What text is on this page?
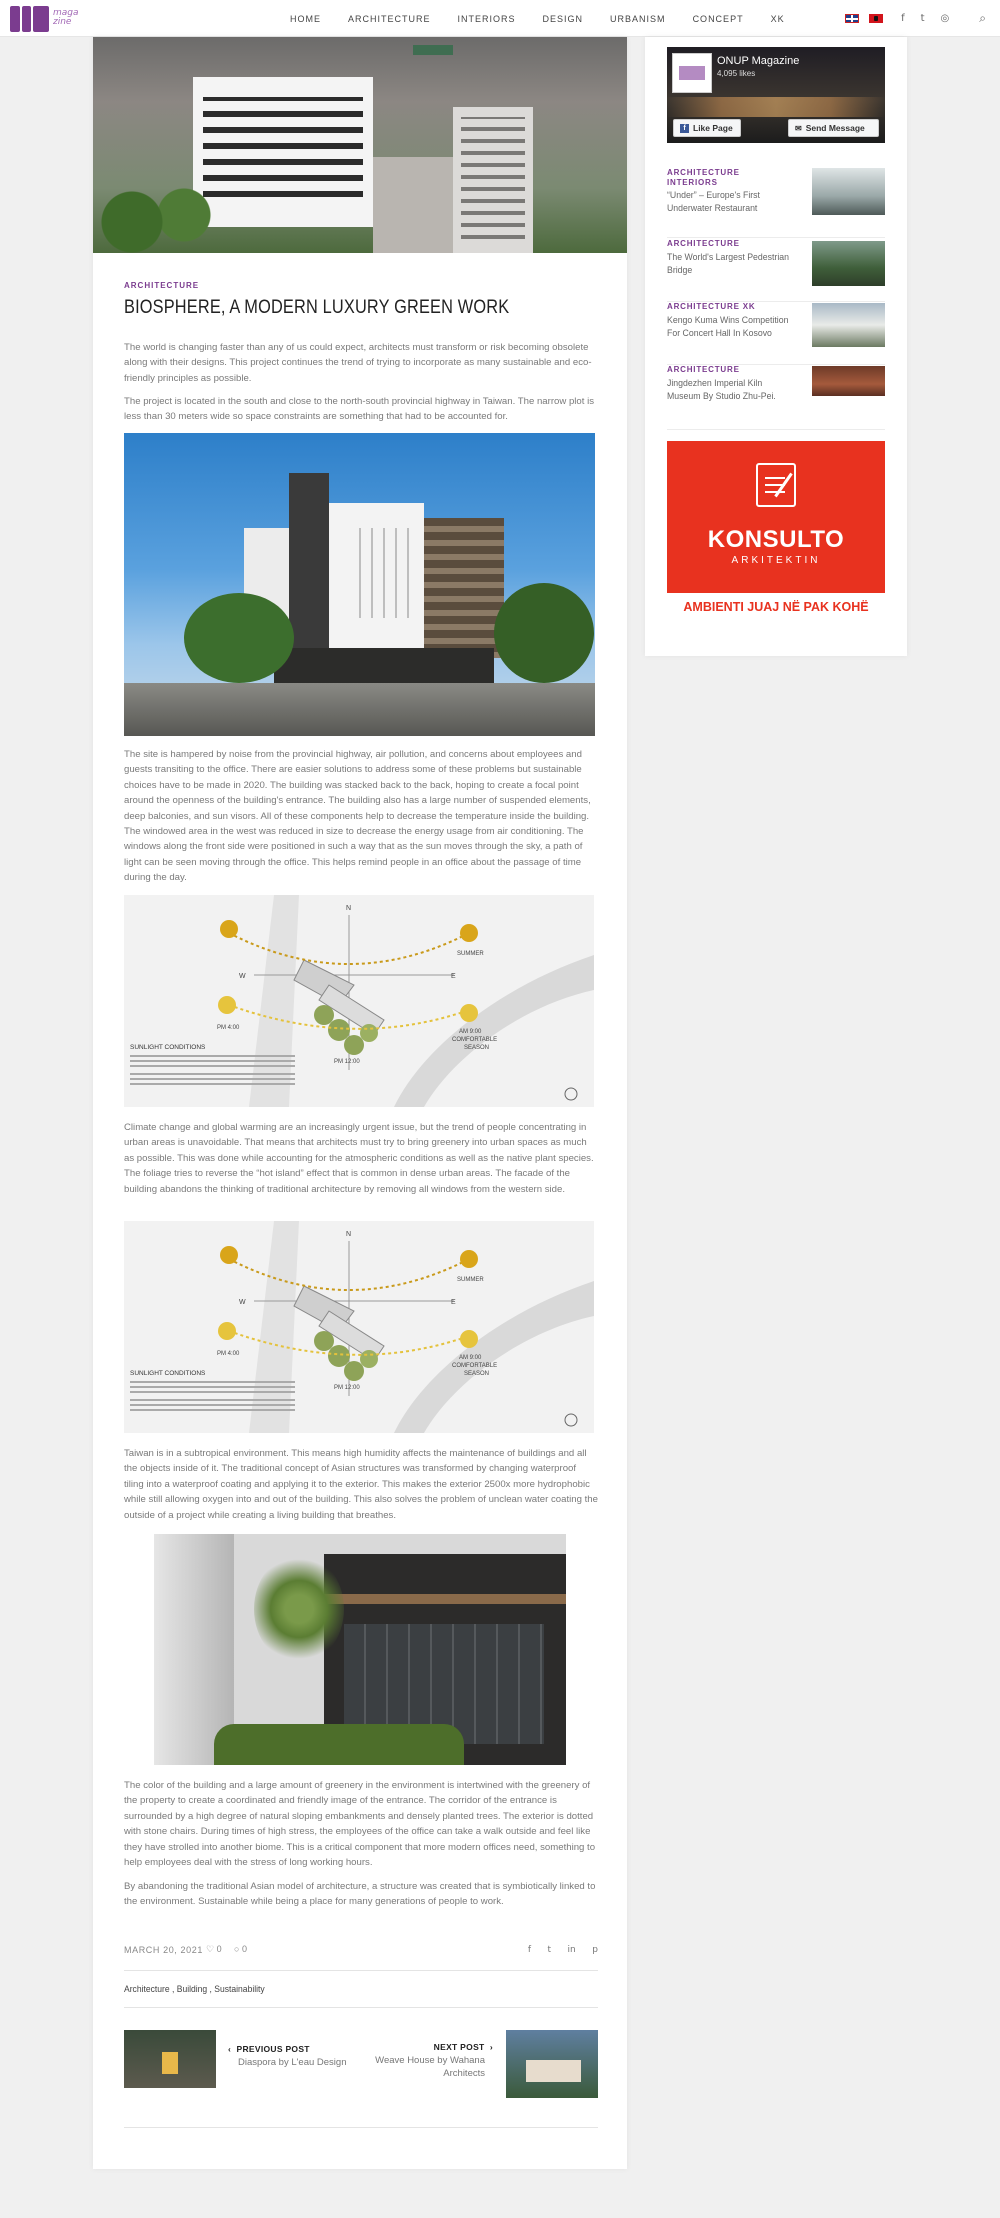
maga zine	HOME	ARCHITECTURE	INTERIORS	DESIGN	URBANISM	CONCEPT	XK	f t ◎	⌕
ARCHITECTURE
BIOSPHERE, A MODERN LUXURY GREEN WORK
The world is changing faster than any of us could expect, architects must transform or risk becoming obsolete along with their designs. This project continues the trend of trying to incorporate as many sustainable and eco-friendly principles as possible.
The project is located in the south and close to the north-south provincial highway in Taiwan. The narrow plot is less than 30 meters wide so space constraints are something that had to be accounted for.
The site is hampered by noise from the provincial highway, air pollution, and concerns about employees and guests transiting to the office. There are easier solutions to address some of these problems but sustainable choices have to be made in 2020. The building was stacked back to the back, hoping to create a focal point around the openness of the building's entrance. The building also has a large number of suspended elements, deep balconies, and sun visors. All of these components help to decrease the temperature inside the building. The windowed area in the west was reduced in size to decrease the energy usage from air conditioning. The windows along the front side were positioned in such a way that as the sun moves through the sky, a path of light can be seen moving through the office. This helps remind people in an office about the passage of time during the day.
N
W	E
SUMMER
PM 4:00
AM 9:00
COMFORTABLE
SEASON
PM 12:00
SUNLIGHT CONDITIONS
Climate change and global warming are an increasingly urgent issue, but the trend of people concentrating in urban areas is unavoidable. That means that architects must try to bring greenery into urban spaces as much as possible. This was done while accounting for the atmospheric conditions as well as the native plant species. The foliage tries to reverse the “hot island” effect that is common in dense urban areas. The facade of the building abandons the thinking of traditional architecture by removing all windows from the western side.
N
W	E
SUMMER
PM 4:00
AM 9:00
COMFORTABLE
SEASON
PM 12:00
SUNLIGHT CONDITIONS
Taiwan is in a subtropical environment. This means high humidity affects the maintenance of buildings and all the objects inside of it. The traditional concept of Asian structures was transformed by changing waterproof tiling into a waterproof coating and applying it to the exterior. This makes the exterior 2500x more hydrophobic while still allowing oxygen into and out of the building. This also solves the problem of unclean water coating the outside of a project while creating a living building that breathes.
The color of the building and a large amount of greenery in the environment is intertwined with the greenery of the property to create a coordinated and friendly image of the entrance. The corridor of the entrance is surrounded by a high degree of natural sloping embankments and densely planted trees. The exterior is dotted with stone chairs. During times of high stress, the employees of the office can take a walk outside and feel like they have strolled into another biome. This is a critical component that more modern offices need, something to help employees deal with the stress of long working hours.
By abandoning the traditional Asian model of architecture, a structure was created that is symbiotically linked to the environment. Sustainable while being a place for many generations of people to work.
MARCH 20, 2021 ♡ 0 ○ 0	f t in p
Architecture , Building , Sustainability
‹ PREVIOUS POST
Diaspora by L'eau Design
NEXT POST ›
Weave House by Wahana
Architects
ONUP Magazine
4,095 likes
f Like Page	✉ Send Message
ARCHITECTURE
INTERIORS
“Under” – Europe's First Underwater Restaurant
ARCHITECTURE
The World's Largest Pedestrian Bridge
ARCHITECTURE XK
Kengo Kuma Wins Competition For Concert Hall In Kosovo
ARCHITECTURE
Jingdezhen Imperial Kiln Museum By Studio Zhu-Pei.
KONSULTO
ARKITEKTIN
AMBIENTI JUAJ NË PAK KOHË
